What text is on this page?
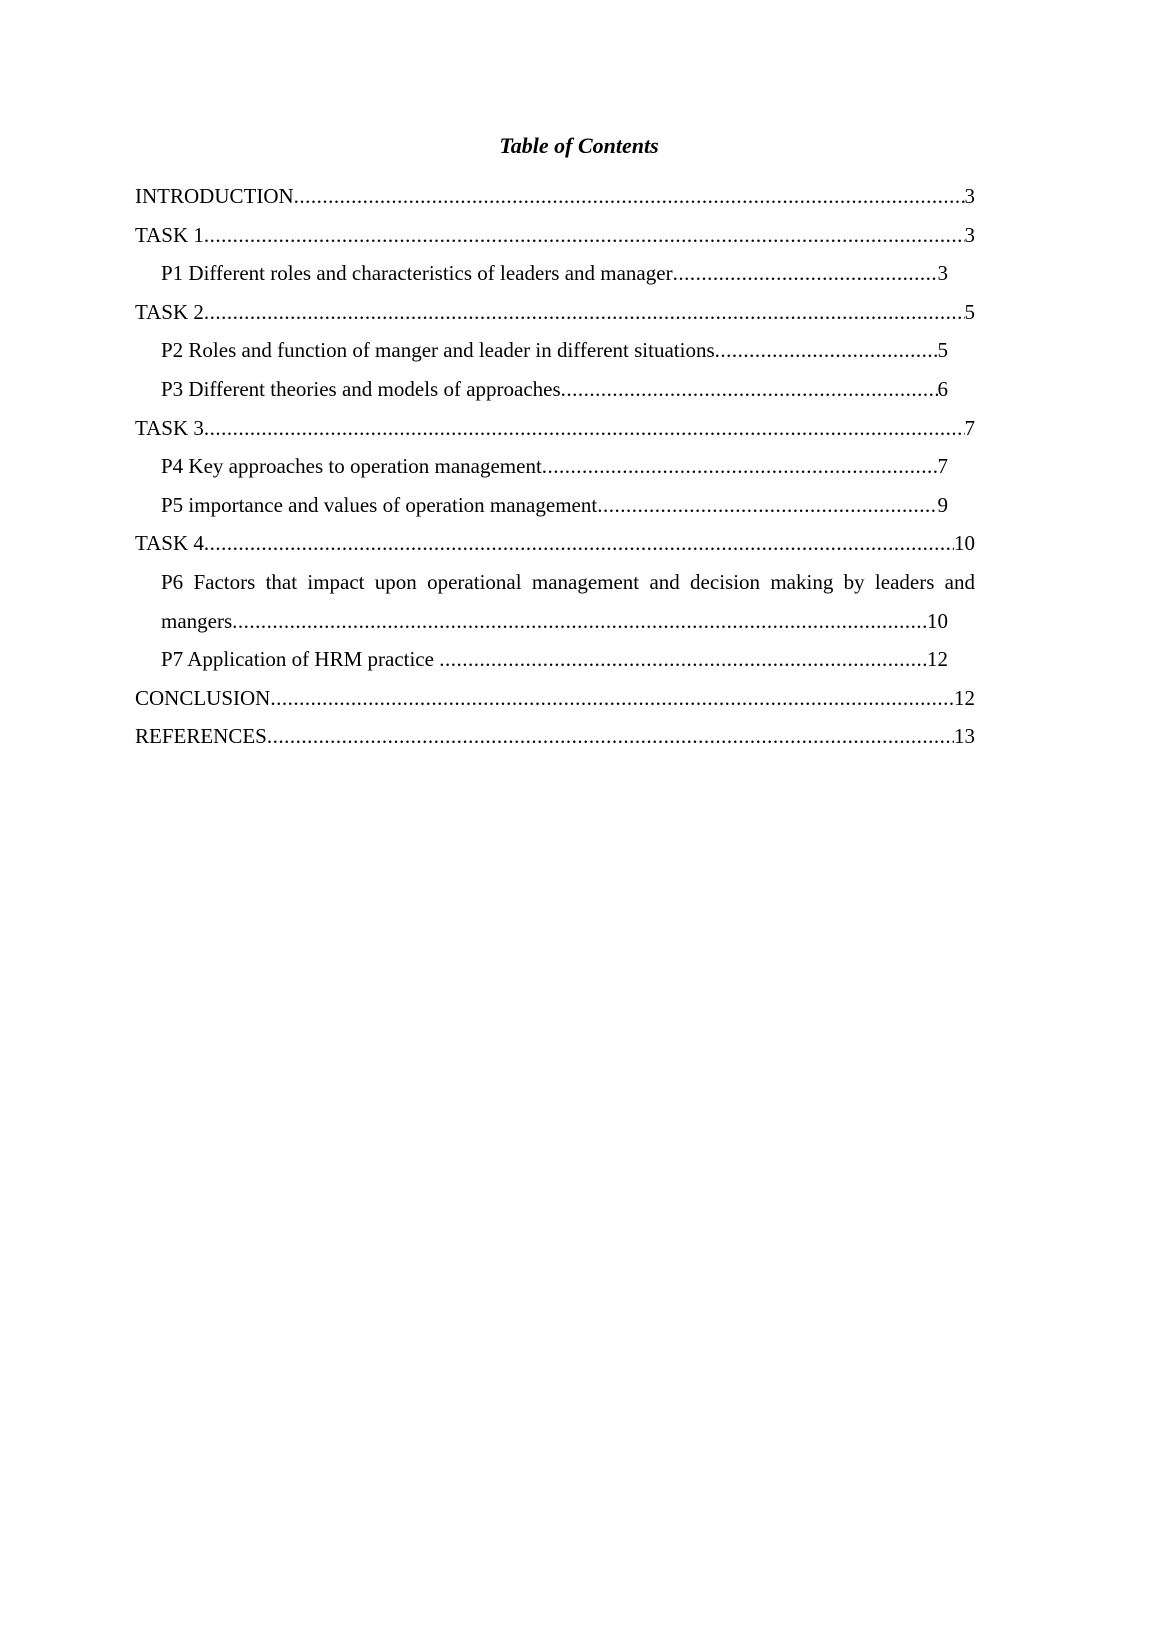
Table of Contents
INTRODUCTION .....	3
TASK 1 .....	3
P1 Different roles and characteristics of leaders and manager .....	3
TASK 2 .....	5
P2 Roles and function of manger and leader in different situations .....	5
P3 Different theories and models of approaches .....	6
TASK 3 .....	7
P4 Key approaches to operation management .....	7
P5 importance and values of operation management .....	9
TASK 4 .....	10
P6 Factors that impact upon operational management and decision making by leaders and
mangers .....	10
P7 Application of HRM practice .....	12
CONCLUSION .....	12
REFERENCES .....	13
